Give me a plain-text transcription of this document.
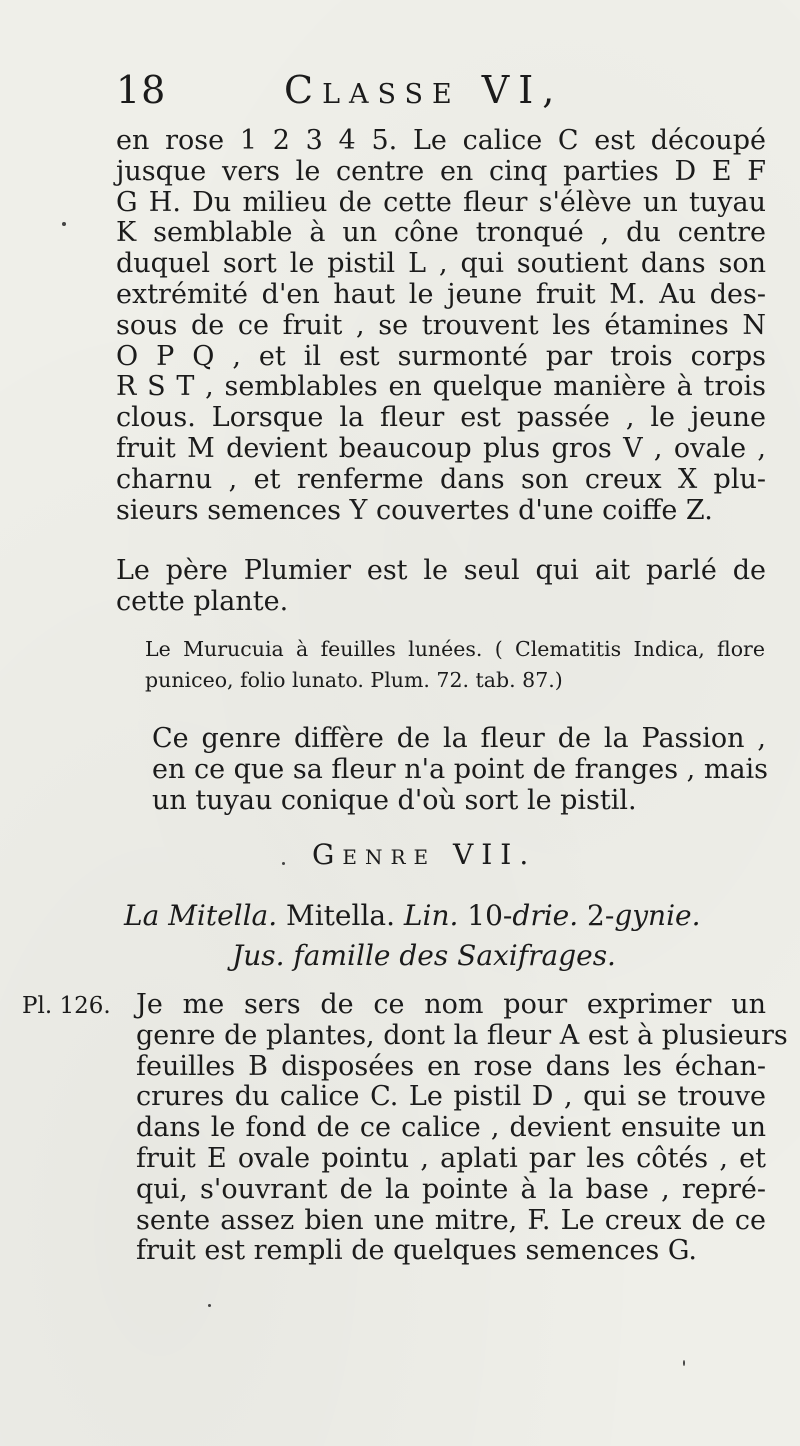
18	Classe VI,
en rose 1 2 3 4 5. Le calice C est découpé
jusque vers le centre en cinq parties D E F
G H. Du milieu de cette fleur s'élève un tuyau
K semblable à un cône tronqué , du centre
duquel sort le pistil L , qui soutient dans son
extrémité d'en haut le jeune fruit M. Au des-
sous de ce fruit , se trouvent les étamines N
O P Q , et il est surmonté par trois corps
R S T , semblables en quelque manière à trois
clous. Lorsque la fleur est passée , le jeune
fruit M devient beaucoup plus gros V , ovale ,
charnu , et renferme dans son creux X plu-
sieurs semences Y couvertes d'une coiffe Z.
Le père Plumier est le seul qui ait parlé de
cette plante.
Le Murucuia à feuilles lunées. ( Clematitis Indica, flore
puniceo, folio lunato. Plum. 72. tab. 87.)
Ce genre diffère de la fleur de la Passion ,
en ce que sa fleur n'a point de franges , mais
un tuyau conique d'où sort le pistil.
Genre VII.
La Mitella. Mitella. Lin. 10-drie. 2-gynie.
Jus. famille des Saxifrages.
Pl. 126. Je me sers de ce nom pour exprimer un
genre de plantes, dont la fleur A est à plusieurs
feuilles B disposées en rose dans les échan-
crures du calice C. Le pistil D , qui se trouve
dans le fond de ce calice , devient ensuite un
fruit E ovale pointu , aplati par les côtés , et
qui, s'ouvrant de la pointe à la base , repré-
sente assez bien une mitre, F. Le creux de ce
fruit est rempli de quelques semences G.
